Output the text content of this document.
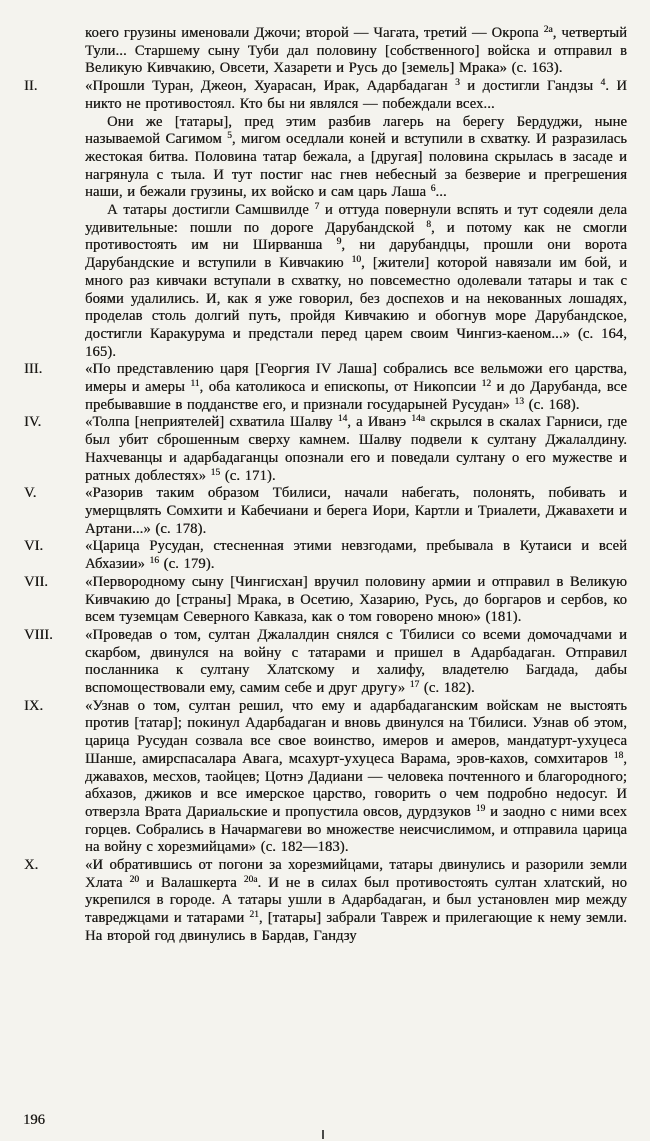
коего грузины именовали Джочи; второй — Чагата, третий — Окропа $^{2а}$, четвертый Тули... Старшему сыну Туби дал половину [собственного] войска и отправил в Великую Кивчакию, Овсети, Хазарети и Русь до [земель] Мрака» (с. 163).

II.	«Прошли Туран, Джеон, Хуарасан, Ирак, Адарбадаган $^3$ и достигли Гандзы $^4$. И никто не противостоял. Кто бы ни являлся — побеждали всех...

Они же [татары], пред этим разбив лагерь на берегу Бердуджи, ныне называемой Сагимом $^5$, мигом оседлали коней и вступили в схватку. И разразилась жестокая битва. Половина татар бежала, а [другая] половина скрылась в засаде и нагрянула с тыла. И тут постиг нас гнев небесный за безверие и прегрешения наши, и бежали грузины, их войско и сам царь Лаша $^6$...

А татары достигли Самшвилде $^7$ и оттуда повернули вспять и тут содеяли дела удивительные: пошли по дороге Дарубандской $^8$, и потому как не смогли противостоять им ни Ширванша $^9$, ни дарубандцы, прошли они ворота Дарубандские и вступили в Кивчакию $^{10}$, [жители] которой навязали им бой, и много раз кивчаки вступали в схватку, но повсеместно одолевали татары и так с боями удалились. И, как я уже говорил, без доспехов и на некованных лошадях, проделав столь долгий путь, пройдя Кивчакию и обогнув море Дарубандское, достигли Каракурума и предстали перед царем своим Чингиз-каеном...» (с. 164, 165).

III.	«По представлению царя [Георгия IV Лаша] собрались все вельможи его царства, имеры и амеры $^{11}$, оба католикоса и епископы, от Никопсии $^{12}$ и до Дарубанда, все пребывавшие в подданстве его, и признали государыней Русудан» $^{13}$ (с. 168).

IV.	«Толпа [неприятелей] схватила Шалву $^{14}$, а Иванэ $^{14а}$ скрылся в скалах Гарниси, где был убит сброшенным сверху камнем. Шалву подвели к султану Джалалдину. Нахчеванцы и адарбадаганцы опознали его и поведали султану о его мужестве и ратных доблестях» $^{15}$ (с. 171).

V.	«Разорив таким образом Тбилиси, начали набегать, полонять, побивать и умерщвлять Сомхити и Кабечиани и берега Иори, Картли и Триалети, Джавахети и Артани...» (с. 178).

VI.	«Царица Русудан, стесненная этими невзгодами, пребывала в Кутаиси и всей Абхазии» $^{16}$ (с. 179).

VII.	«Первородному сыну [Чингисхан] вручил половину армии и отправил в Великую Кивчакию до [страны] Мрака, в Осетию, Хазарию, Русь, до боргаров и сербов, ко всем туземцам Северного Кавказа, как о том говорено мною» (181).

VIII. «Проведав о том, султан Джалалдин снялся с Тбилиси со всеми домочадчами и скарбом, двинулся на войну с татарами и пришел в Адарбадаган. Отправил посланника к султану Хлатскому и халифу, владетелю Багдада, дабы вспомоществовали ему, самим себе и друг другу» $^{17}$ (с. 182).

IX.	«Узнав о том, султан решил, что ему и адарбадаганским войскам не выстоять против [татар]; покинул Адарбадаган и вновь двинулся на Тбилиси. Узнав об этом, царица Русудан созвала все свое воинство, имеров и амеров, мандатурт-ухуцеса Шанше, амирспасалара Авага, мсахурт-ухуцеса Варама, эров-кахов, сомхитаров $^{18}$, джавахов, месхов, таойцев; Цотнэ Дадиани — человека почтенного и благородного; абхазов, джиков и все имерское царство, говорить о чем подробно недосуг. И отверзла Врата Дариальские и пропустила овсов, дурдзуков $^{19}$ и заодно с ними всех горцев. Собрались в Начармагеви во множестве неисчислимом, и отправила царица на войну с хорезмийцами» (с. 182—183).

X.	«И обратившись от погони за хорезмийцами, татары двинулись и разорили земли Хлата $^{20}$ и Валашкерта $^{20а}$. И не в силах был противостоять султан хлатский, но укрепился в городе. А татары ушли в Адарбадаган, и был установлен мир между тавреджцами и татарами $^{21}$, [татары] забрали Тавреж и прилегающие к нему земли. На второй год двинулись в Бардав, Гандзу

196
